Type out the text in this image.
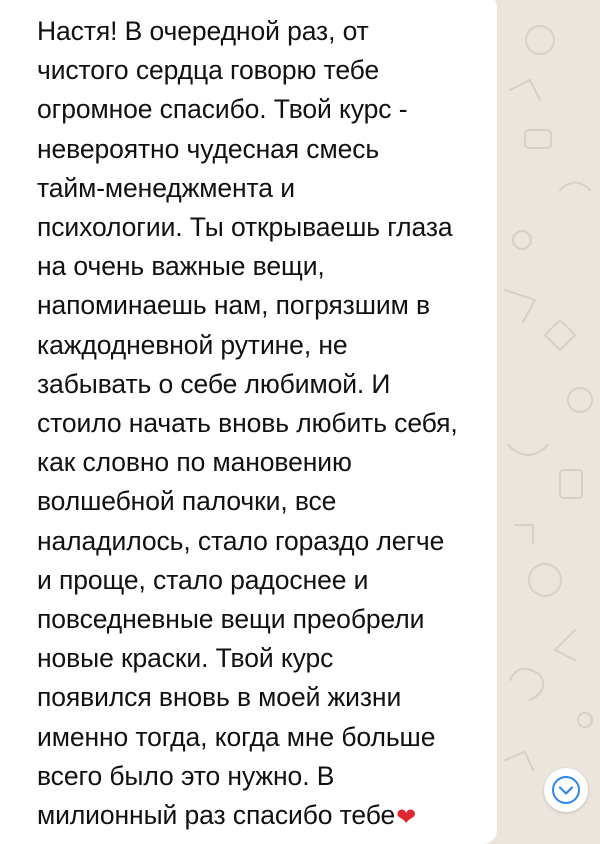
Настя! В очередной раз, от
чистого сердца говорю тебе
огромное спасибо. Твой курс -
невероятно чудесная смесь
тайм-менеджмента и
психологии. Ты открываешь глаза
на очень важные вещи,
напоминаешь нам, погрязшим в
каждодневной рутине, не
забывать о себе любимой. И
стоило начать вновь любить себя,
как словно по мановению
волшебной палочки, все
наладилось, стало гораздо легче
и проще, стало радоснее и
повседневные вещи преобрели
новые краски. Твой курс
появился вновь в моей жизни
именно тогда, когда мне больше
всего было это нужно. В
милионный раз спасибо тебе❤
